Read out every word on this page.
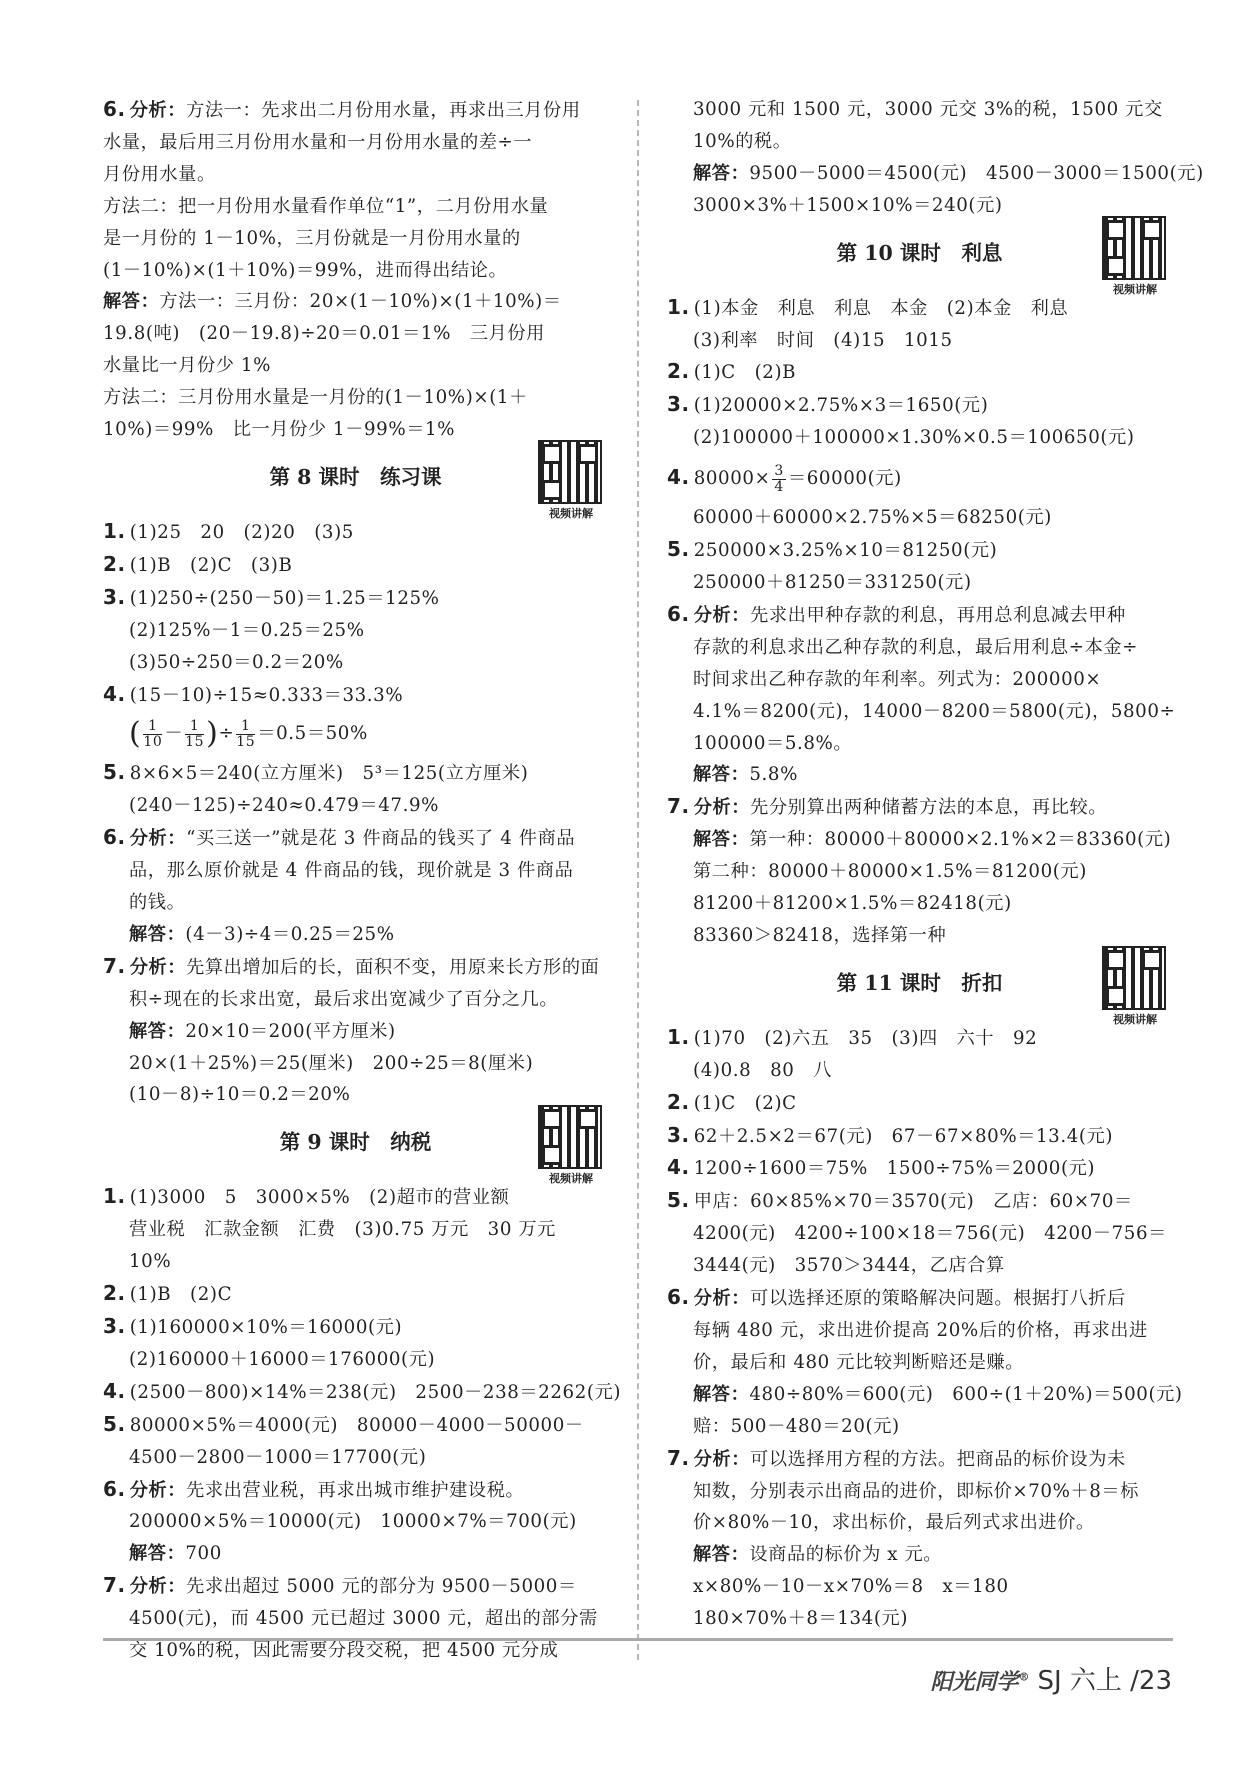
6. 分析：方法一：先求出二月份用水量，再求出三月份用
水量，最后用三月份用水量和一月份用水量的差÷一
月份用水量。
方法二：把一月份用水量看作单位“1”，二月份用水量
是一月份的 1－10%，三月份就是一月份用水量的
(1－10%)×(1＋10%)＝99%，进而得出结论。
解答：方法一：三月份：20×(1－10%)×(1＋10%)＝
19.8(吨)　(20－19.8)÷20＝0.01＝1%　三月份用
水量比一月份少 1%
方法二：三月份用水量是一月份的(1－10%)×(1＋
10%)＝99%　比一月份少 1－99%＝1%
第 8 课时　练习课
视频讲解
1. (1)25　20　(2)20　(3)5
2. (1)B　(2)C　(3)B
3. (1)250÷(250－50)＝1.25＝125%
(2)125%－1＝0.25＝25%
(3)50÷250＝0.2＝20%
4. (15－10)÷15≈0.333＝33.3%
( $\frac{1}{10} - \frac{1}{15}$ )÷ $\frac{1}{15} =0.5=50\%$
5. 8×6×5＝240(立方厘米)　5³＝125(立方厘米)
(240－125)÷240≈0.479＝47.9%
6. 分析：“买三送一”就是花 3 件商品的钱买了 4 件商品
品，那么原价就是 4 件商品的钱，现价就是 3 件商品
的钱。
解答：(4－3)÷4＝0.25＝25%
7. 分析：先算出增加后的长，面积不变，用原来长方形的面
积÷现在的长求出宽，最后求出宽减少了百分之几。
解答：20×10＝200(平方厘米)
20×(1＋25%)＝25(厘米)　200÷25＝8(厘米)
(10－8)÷10＝0.2＝20%
第 9 课时　纳税
视频讲解
1. (1)3000　5　3000×5%　(2)超市的营业额
营业税　汇款金额　汇费　(3)0.75 万元　30 万元
10%
2. (1)B　(2)C
3. (1)160000×10%＝16000(元)
(2)160000＋16000＝176000(元)
4. (2500－800)×14%＝238(元)　2500－238＝2262(元)
5. 80000×5%＝4000(元)　80000－4000－50000－
4500－2800－1000＝17700(元)
6. 分析：先求出营业税，再求出城市维护建设税。
200000×5%＝10000(元)　10000×7%＝700(元)
解答：700
7. 分析：先求出超过 5000 元的部分为 9500－5000＝
4500(元)，而 4500 元已超过 3000 元，超出的部分需
交 10%的税，因此需要分段交税，把 4500 元分成
3000 元和 1500 元，3000 元交 3%的税，1500 元交
10%的税。
解答：9500－5000＝4500(元)　4500－3000＝1500(元)
3000×3%＋1500×10%＝240(元)
第 10 课时　利息
视频讲解
1. (1)本金　利息　利息　本金　(2)本金　利息
(3)利率　时间　(4)15　1015
2. (1)C　(2)B
3. (1)20000×2.75%×3＝1650(元)
(2)100000＋100000×1.30%×0.5＝100650(元)
4. $80000\times \frac{3}{4} =60000$(元)
60000＋60000×2.75%×5＝68250(元)
5. 250000×3.25%×10＝81250(元)
250000＋81250＝331250(元)
6. 分析：先求出甲种存款的利息，再用总利息减去甲种
存款的利息求出乙种存款的利息，最后用利息÷本金÷
时间求出乙种存款的年利率。列式为：200000×
4.1%＝8200(元)，14000－8200＝5800(元)，5800÷
100000＝5.8%。
解答：5.8%
7. 分析：先分别算出两种储蓄方法的本息，再比较。
解答：第一种：80000＋80000×2.1%×2＝83360(元)
第二种：80000＋80000×1.5%＝81200(元)
81200＋81200×1.5%＝82418(元)
83360＞82418，选择第一种
第 11 课时　折扣
视频讲解
1. (1)70　(2)六五　35　(3)四　六十　92
(4)0.8　80　八
2. (1)C　(2)C
3. 62＋2.5×2＝67(元)　67－67×80%＝13.4(元)
4. 1200÷1600＝75%　1500÷75%＝2000(元)
5. 甲店：60×85%×70＝3570(元)　乙店：60×70＝
4200(元)　4200÷100×18＝756(元)　4200－756＝
3444(元)　3570＞3444，乙店合算
6. 分析：可以选择还原的策略解决问题。根据打八折后
每辆 480 元，求出进价提高 20%后的价格，再求出进
价，最后和 480 元比较判断赔还是赚。
解答：480÷80%＝600(元)　600÷(1＋20%)＝500(元)
赔：500－480＝20(元)
7. 分析：可以选择用方程的方法。把商品的标价设为未
知数，分别表示出商品的进价，即标价×70%＋8＝标
价×80%－10，求出标价，最后列式求出进价。
解答：设商品的标价为 x 元。
x×80%－10－x×70%＝8　x＝180
180×70%＋8＝134(元)
阳光同学® SJ 六上 /23
